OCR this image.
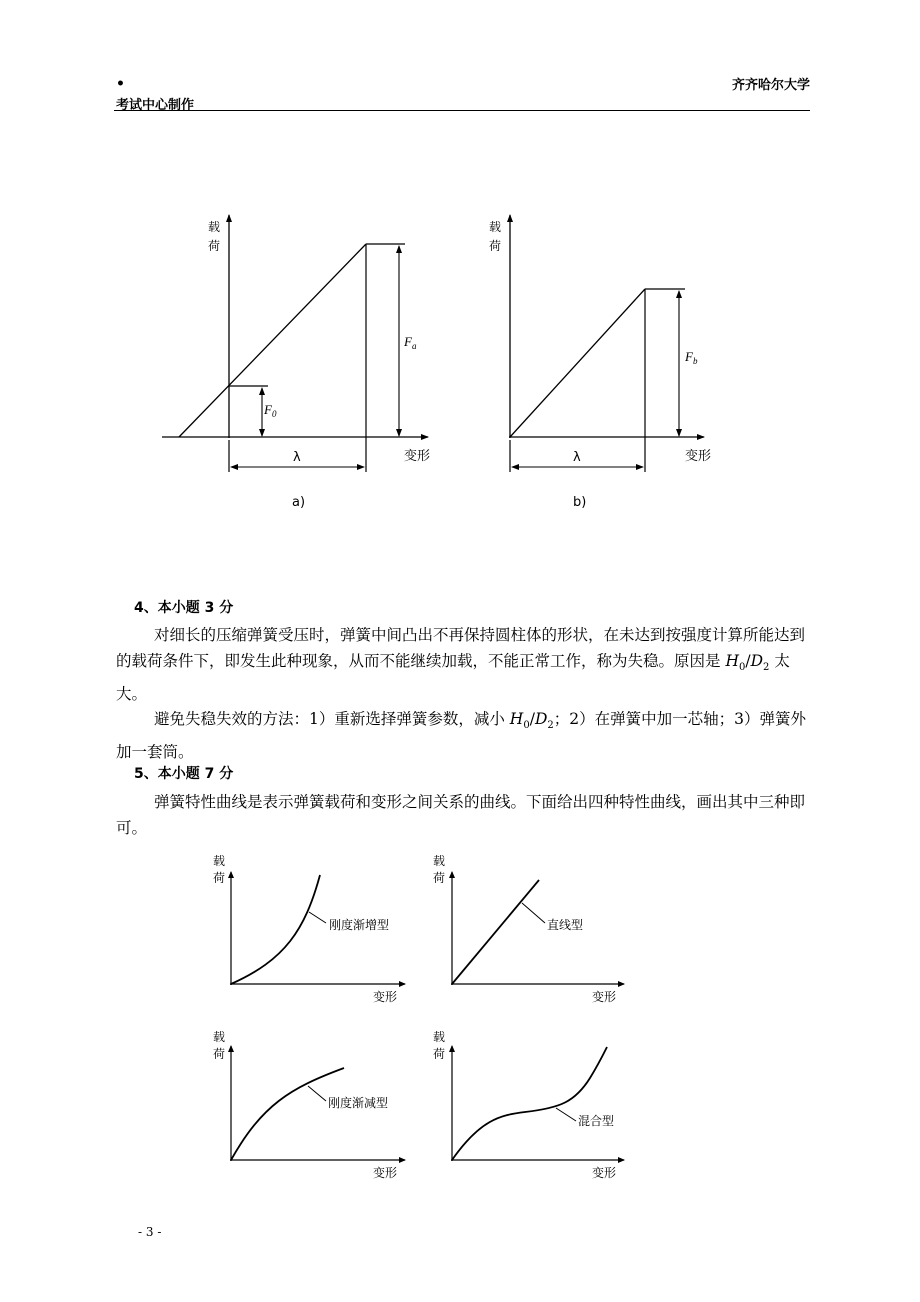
•
考试中心制作
齐齐哈尔大学
载
荷
$F_a$
$F_0$
λ	变形
a)
载
荷
$F_b$
λ	变形
b)
4、本小题 3 分
对细长的压缩弹簧受压时，弹簧中间凸出不再保持圆柱体的形状，在未达到按强度计算所能达到的载荷条件下，即发生此种现象，从而不能继续加载，不能正常工作，称为失稳。原因是 $H_0/D_2$ 太大。
避免失稳失效的方法：1）重新选择弹簧参数，减小 $H_0/D_2$；2）在弹簧中加一芯轴；3）弹簧外加一套筒。
5、本小题 7 分
弹簧特性曲线是表示弹簧载荷和变形之间关系的曲线。下面给出四种特性曲线，画出其中三种即可。
载
荷
刚度渐增型
变形
载
荷
直线型
变形
载
荷
刚度渐减型
变形
载
荷
混合型
变形
- 3 -
